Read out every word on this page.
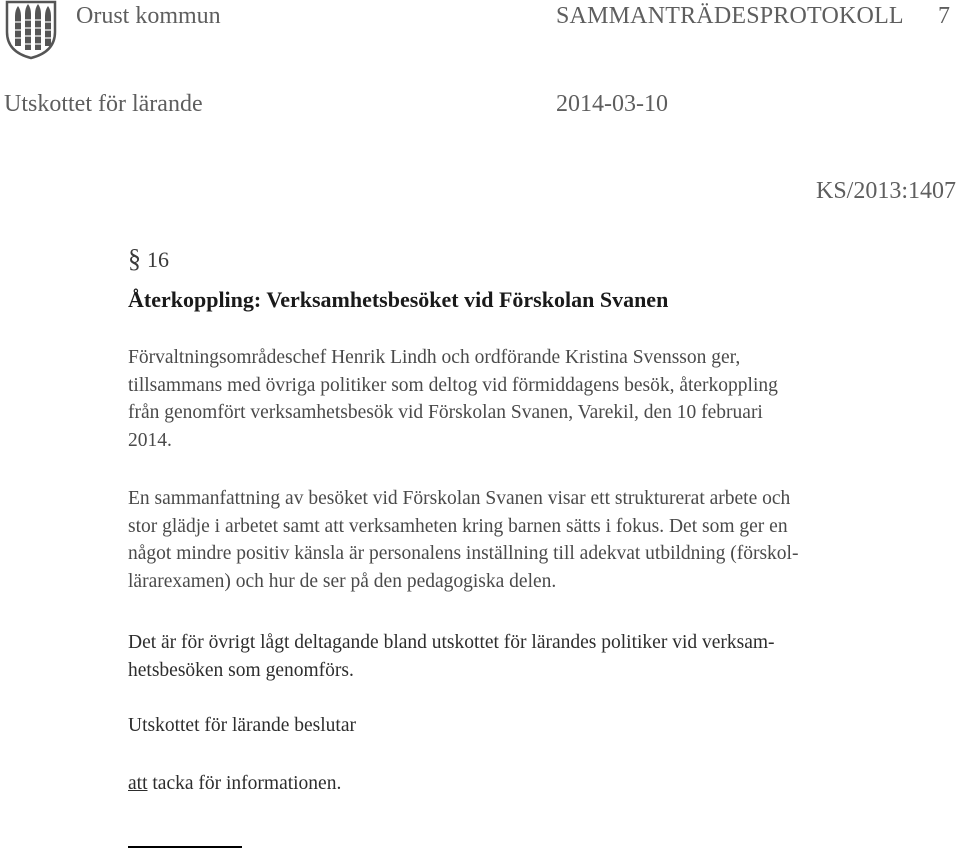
Orust kommun	SAMMANTRÄDESPROTOKOLL 7
Utskottet för lärande	2014-03-10
KS/2013:1407
§ 16
Återkoppling: Verksamhetsbesöket vid Förskolan Svanen
Förvaltningsområdeschef Henrik Lindh och ordförande Kristina Svensson ger,
tillsammans med övriga politiker som deltog vid förmiddagens besök, återkoppling
från genomfört verksamhetsbesök vid Förskolan Svanen, Varekil, den 10 februari
2014.
En sammanfattning av besöket vid Förskolan Svanen visar ett strukturerat arbete och
stor glädje i arbetet samt att verksamheten kring barnen sätts i fokus. Det som ger en
något mindre positiv känsla är personalens inställning till adekvat utbildning (förskol-
lärarexamen) och hur de ser på den pedagogiska delen.
Det är för övrigt lågt deltagande bland utskottet för lärandes politiker vid verksam-
hetsbesöken som genomförs.
Utskottet för lärande beslutar
att tacka för informationen.
